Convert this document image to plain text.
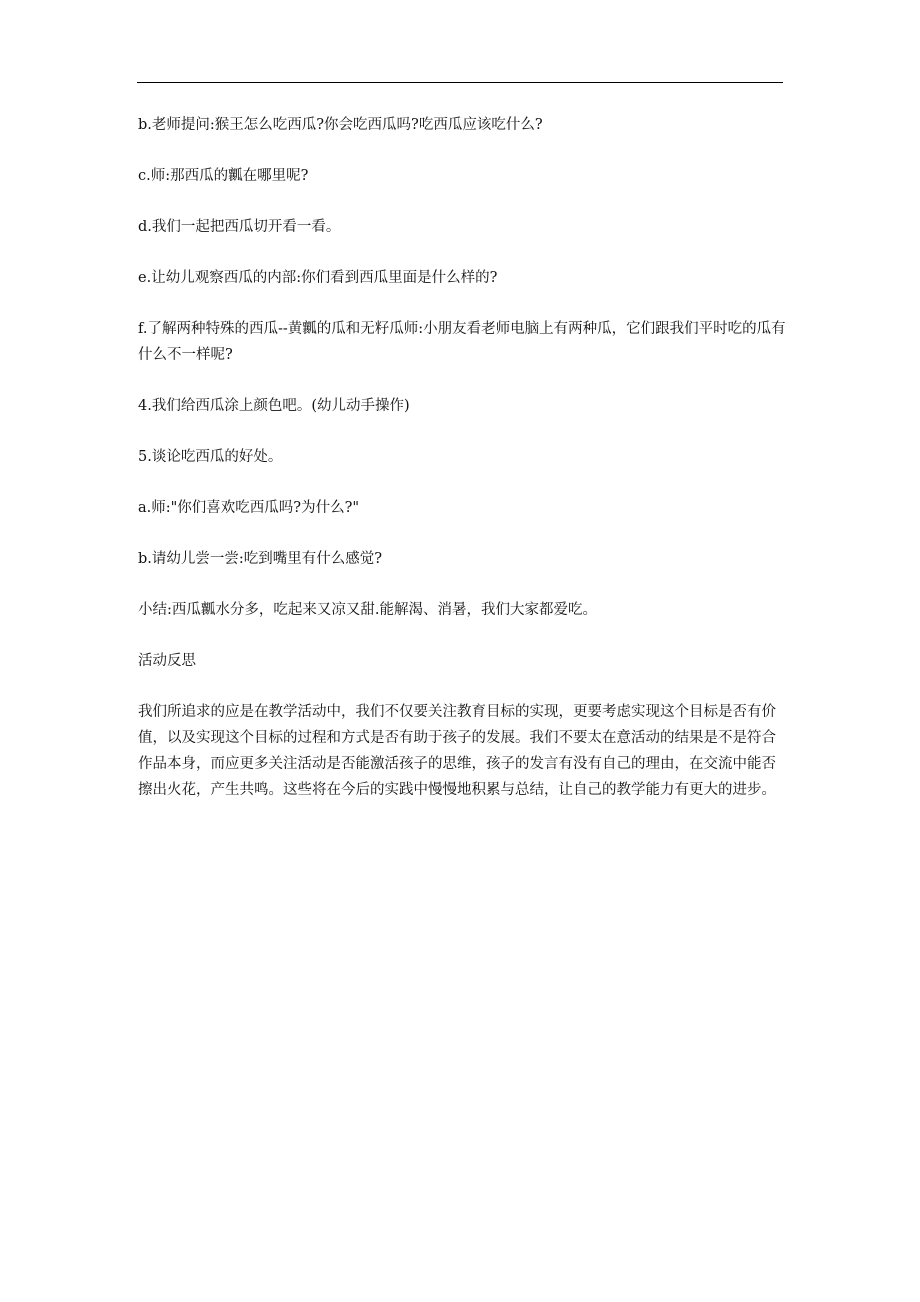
b.老师提问:猴王怎么吃西瓜?你会吃西瓜吗?吃西瓜应该吃什么?

c.师:那西瓜的瓤在哪里呢?

d.我们一起把西瓜切开看一看。

e.让幼儿观察西瓜的内部:你们看到西瓜里面是什么样的?

f.了解两种特殊的西瓜--黄瓤的瓜和无籽瓜师:小朋友看老师电脑上有两种瓜，它们跟我们平时吃的瓜有什么不一样呢?

4.我们给西瓜涂上颜色吧。(幼儿动手操作)

5.谈论吃西瓜的好处。

a.师:"你们喜欢吃西瓜吗?为什么?"

b.请幼儿尝一尝:吃到嘴里有什么感觉?

小结:西瓜瓤水分多，吃起来又凉又甜.能解渴、消暑，我们大家都爱吃。

活动反思

我们所追求的应是在教学活动中，我们不仅要关注教育目标的实现，更要考虑实现这个目标是否有价值，以及实现这个目标的过程和方式是否有助于孩子的发展。我们不要太在意活动的结果是不是符合作品本身，而应更多关注活动是否能激活孩子的思维，孩子的发言有没有自己的理由，在交流中能否擦出火花，产生共鸣。这些将在今后的实践中慢慢地积累与总结，让自己的教学能力有更大的进步。
